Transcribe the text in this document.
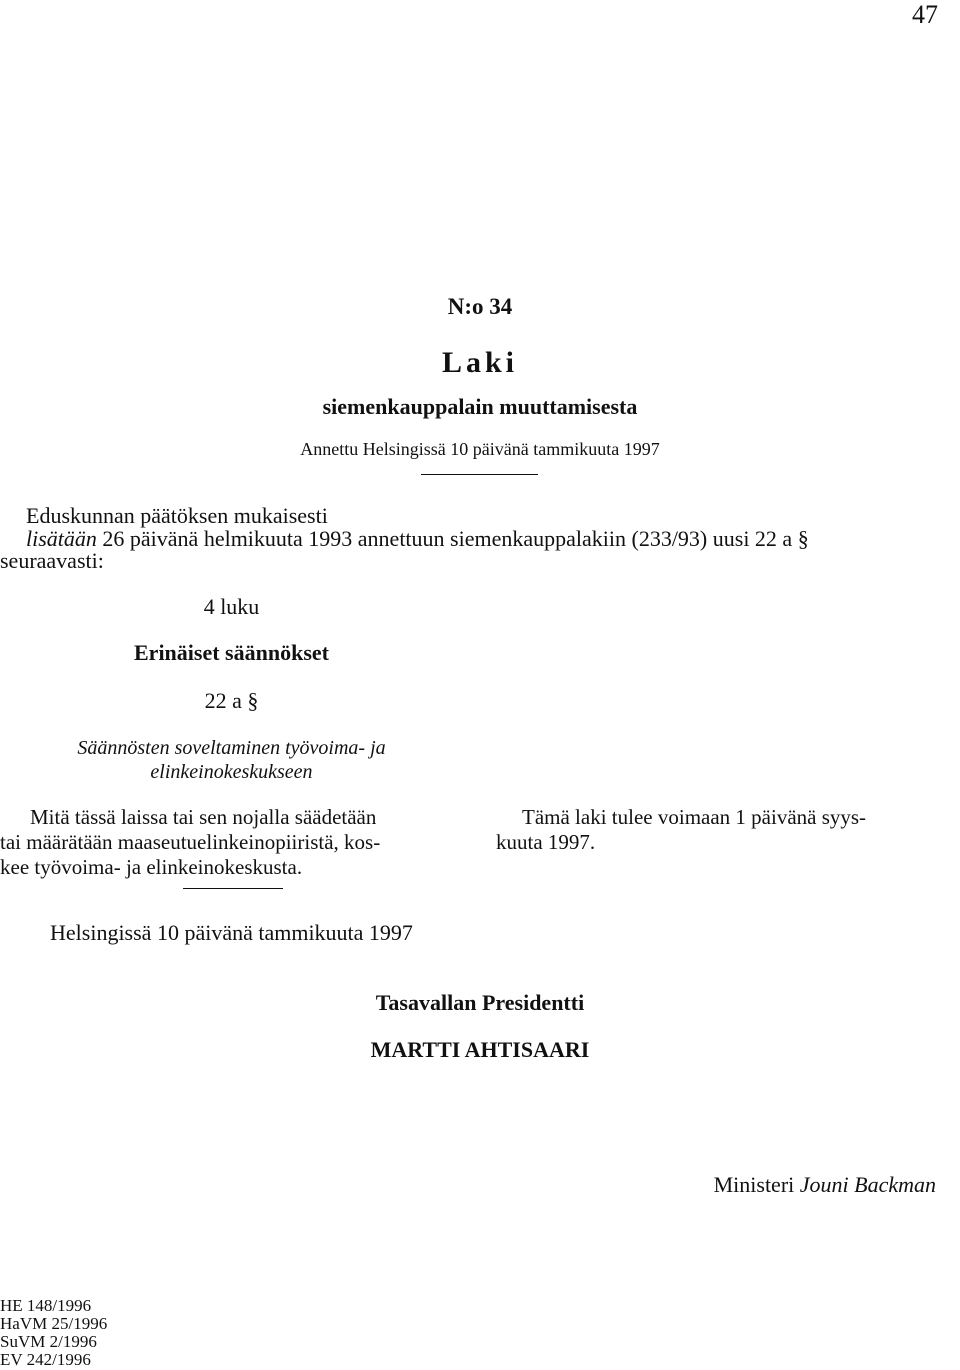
47
N:o 34
Laki
siemenkauppalain muuttamisesta
Annettu Helsingissä 10 päivänä tammikuuta 1997
Eduskunnan päätöksen mukaisesti
lisätään 26 päivänä helmikuuta 1993 annettuun siemenkauppalakiin (233/93) uusi 22 a §
seuraavasti:
4 luku
Erinäiset säännökset
22 a §
Säännösten soveltaminen työvoima- ja
elinkeinokeskukseen
Mitä tässä laissa tai sen nojalla säädetään
tai määrätään maaseutuelinkeinopiiristä, kos-
kee työvoima- ja elinkeinokeskusta.
Tämä laki tulee voimaan 1 päivänä syys-
kuuta 1997.
Helsingissä 10 päivänä tammikuuta 1997
Tasavallan Presidentti
MARTTI AHTISAARI
Ministeri Jouni Backman
HE 148/1996
HaVM 25/1996
SuVM 2/1996
EV 242/1996
